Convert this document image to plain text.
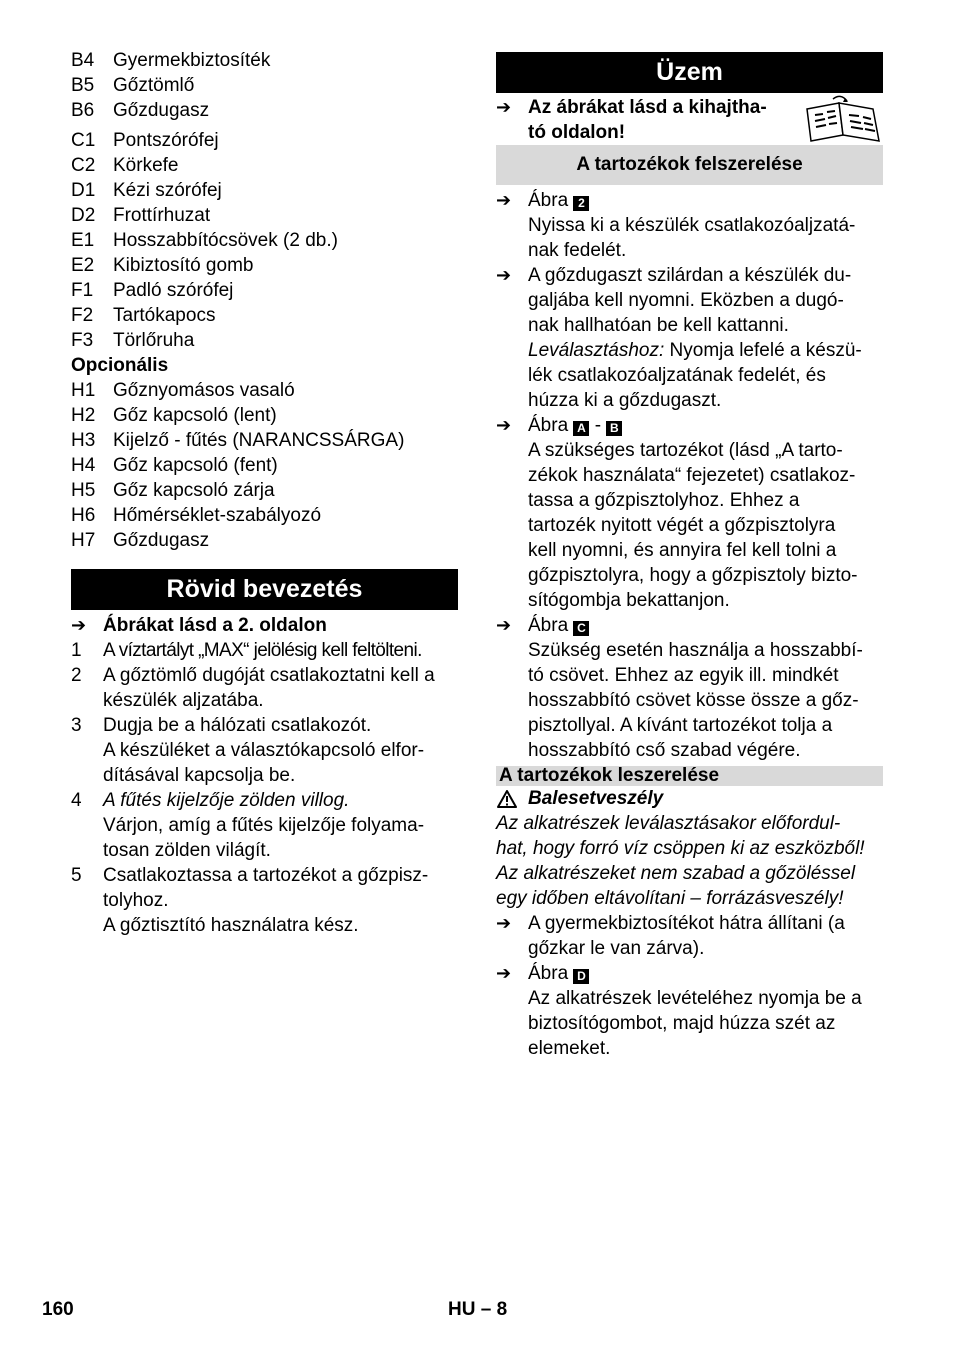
B4 Gyermekbiztosíték
B5 Gőztömlő
B6 Gőzdugasz
C1 Pontszórófej
C2 Körkefe
D1 Kézi szórófej
D2 Frottírhuzat
E1 Hosszabbítócsövek (2 db.)
E2 Kibiztosító gomb
F1	Padló szórófej
F2	Tartókapocs
F3	Törlőruha
Opcionális
H1 Gőznyomásos vasaló
H2 Gőz kapcsoló (lent)
H3 Kijelző - fűtés (NARANCSSÁRGA)
H4 Gőz kapcsoló (fent)
H5 Gőz kapcsoló zárja
H6 Hőmérséklet-szabályozó
H7 Gőzdugasz
Rövid bevezetés
➔ Ábrákat lásd a 2. oldalon
1	A víztartályt „MAX“ jelölésig kell feltölteni.
2	A gőztömlő dugóját csatlakoztatni kell a
készülék aljzatába.
3	Dugja be a hálózati csatlakozót.
A készüléket a választókapcsoló elfor-
dításával kapcsolja be.
4	A fűtés kijelzője zölden villog.
Várjon, amíg a fűtés kijelzője folyama-
tosan zölden világít.
5	Csatlakoztassa a tartozékot a gőzpisz-
tolyhoz.
A gőztisztító használatra kész.
Üzem
➔ Az ábrákat lásd a kihajtha-
tó oldalon!
A tartozékok felszerelése
➔ Ábra 2
Nyissa ki a készülék csatlakozóaljzatá-
nak fedelét.
➔ A gőzdugaszt szilárdan a készülék du-
galjába kell nyomni. Eközben a dugó-
nak hallhatóan be kell kattanni.
Leválasztáshoz: Nyomja lefelé a készü-
lék csatlakozóaljzatának fedelét, és
húzza ki a gőzdugaszt.
➔ Ábra A - B
A szükséges tartozékot (lásd „A tarto-
zékok használata“ fejezetet) csatlakoz-
tassa a gőzpisztolyhoz. Ehhez a
tartozék nyitott végét a gőzpisztolyra
kell nyomni, és annyira fel kell tolni a
gőzpisztolyra, hogy a gőzpisztoly bizto-
sítógombja bekattanjon.
➔ Ábra C
Szükség esetén használja a hosszabbí-
tó csövet. Ehhez az egyik ill. mindkét
hosszabbító csövet kösse össze a gőz-
pisztollyal. A kívánt tartozékot tolja a
hosszabbító cső szabad végére.
A tartozékok leszerelése
Balesetveszély
Az alkatrészek leválasztásakor előfordul-
hat, hogy forró víz csöppen ki az eszközből!
Az alkatrészeket nem szabad a gőzöléssel
egy időben eltávolítani – forrázásveszély!
➔ A gyermekbiztosítékot hátra állítani (a
gőzkar le van zárva).
➔ Ábra D
Az alkatrészek levételéhez nyomja be a
biztosítógombot, majd húzza szét az
elemeket.
160	HU – 8
